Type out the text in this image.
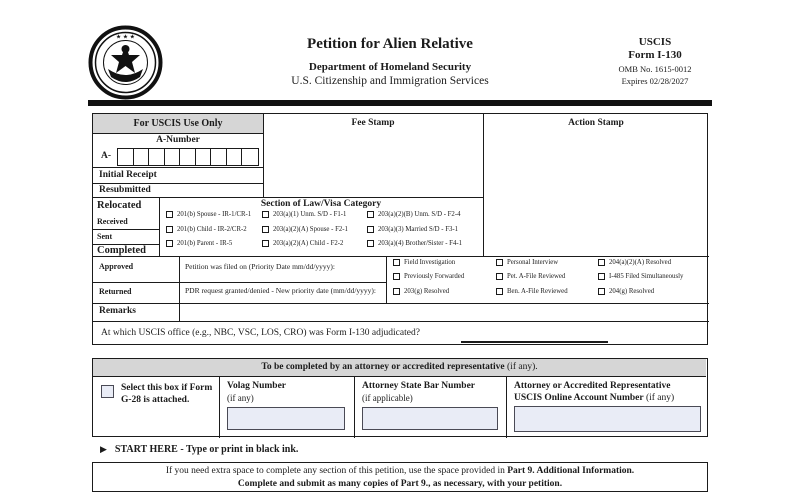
★ ★ ★	Petition for Alien Relative
Department of Homeland Security
U.S. Citizenship and Immigration Services
USCIS
Form I-130
OMB No. 1615-0012
Expires 02/28/2027
For USCIS Use Only
A-Number
A-
Initial Receipt
Resubmitted
Fee Stamp	Action Stamp
Relocated
Received
Sent
Completed
Section of Law/Visa Category
201(b) Spouse - IR-1/CR-1	203(a)(1) Unm. S/D - F1-1	203(a)(2)(B) Unm. S/D - F2-4
201(b) Child - IR-2/CR-2	203(a)(2)(A) Spouse - F2-1	203(a)(3) Married S/D - F3-1
201(b) Parent - IR-5	203(a)(2)(A) Child - F2-2	203(a)(4) Brother/Sister - F4-1
Approved	Petition was filed on (Priority Date mm/dd/yyyy):
Returned	PDR request granted/denied - New priority date (mm/dd/yyyy):
Field Investigation	Personal Interview	204(a)(2)(A) Resolved
Previously Forwarded	Pet. A-File Reviewed	I-485 Filed Simultaneously
203(g) Resolved	Ben. A-File Reviewed	204(g) Resolved
Remarks
At which USCIS office (e.g., NBC, VSC, LOS, CRO) was Form I-130 adjudicated?
To be completed by an attorney or accredited representative (if any).
Select this box if Form G-28 is attached.
Volag Number
(if any)
Attorney State Bar Number
(if applicable)
Attorney or Accredited Representative
USCIS Online Account Number (if any)
▶ START HERE - Type or print in black ink.
If you need extra space to complete any section of this petition, use the space provided in Part 9. Additional Information.
Complete and submit as many copies of Part 9., as necessary, with your petition.
